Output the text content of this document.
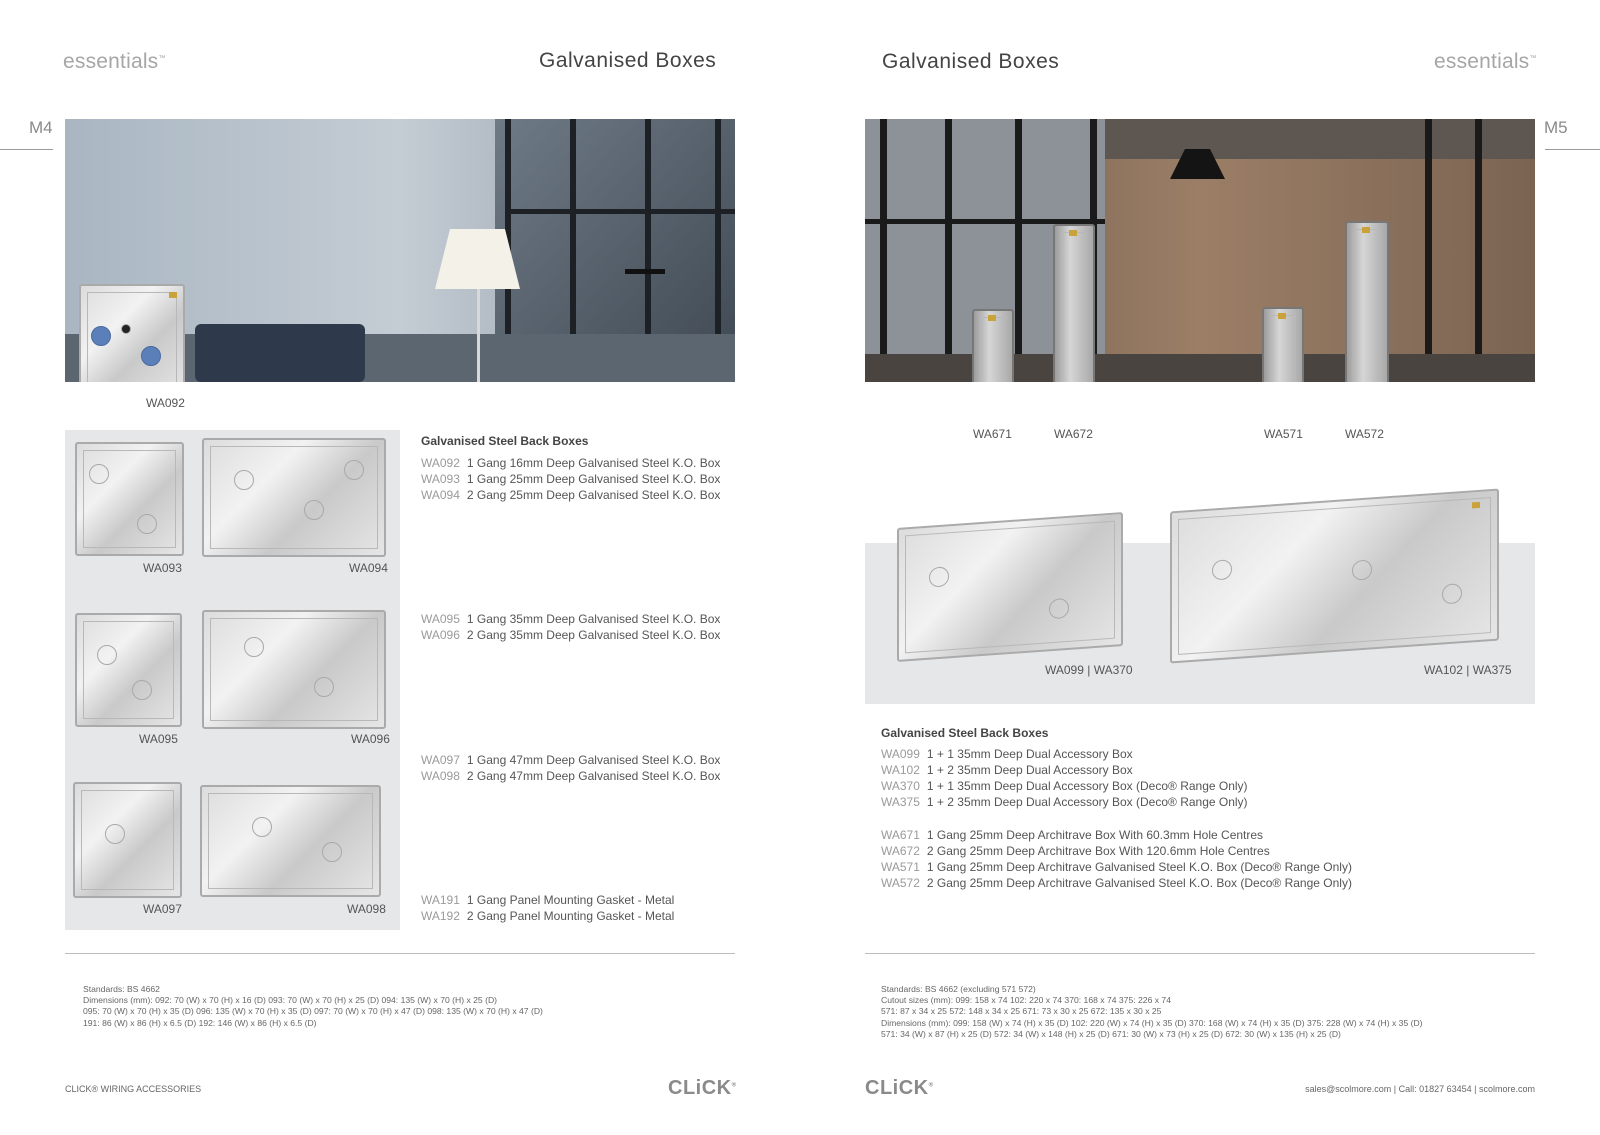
essentials™	Galvanised Boxes
M4
WA092
WA093	WA094
WA095	WA096
WA097	WA098
Galvanised Steel Back Boxes
WA092 1 Gang 16mm Deep Galvanised Steel K.O. Box
WA093 1 Gang 25mm Deep Galvanised Steel K.O. Box
WA094 2 Gang 25mm Deep Galvanised Steel K.O. Box
WA095 1 Gang 35mm Deep Galvanised Steel K.O. Box
WA096 2 Gang 35mm Deep Galvanised Steel K.O. Box
WA097 1 Gang 47mm Deep Galvanised Steel K.O. Box
WA098 2 Gang 47mm Deep Galvanised Steel K.O. Box
WA191 1 Gang Panel Mounting Gasket - Metal
WA192 2 Gang Panel Mounting Gasket - Metal
Standards: BS 4662
Dimensions (mm): 092: 70 (W) x 70 (H) x 16 (D) 093: 70 (W) x 70 (H) x 25 (D) 094: 135 (W) x 70 (H) x 25 (D)
095: 70 (W) x 70 (H) x 35 (D) 096: 135 (W) x 70 (H) x 35 (D) 097: 70 (W) x 70 (H) x 47 (D) 098: 135 (W) x 70 (H) x 47 (D)
191: 86 (W) x 86 (H) x 6.5 (D) 192: 146 (W) x 86 (H) x 6.5 (D)
CLICK® WIRING ACCESSORIES	CLiCK®
Galvanised Boxes	essentials™
M5
WA671	WA672	WA571	WA572
WA099 | WA370	WA102 | WA375
Galvanised Steel Back Boxes
WA099 1 + 1 35mm Deep Dual Accessory Box
WA102 1 + 2 35mm Deep Dual Accessory Box
WA370 1 + 1 35mm Deep Dual Accessory Box (Deco® Range Only)
WA375 1 + 2 35mm Deep Dual Accessory Box (Deco® Range Only)
WA671 1 Gang 25mm Deep Architrave Box With 60.3mm Hole Centres
WA672 2 Gang 25mm Deep Architrave Box With 120.6mm Hole Centres
WA571 1 Gang 25mm Deep Architrave Galvanised Steel K.O. Box (Deco® Range Only)
WA572 2 Gang 25mm Deep Architrave Galvanised Steel K.O. Box (Deco® Range Only)
Standards: BS 4662 (excluding 571 572)
Cutout sizes (mm): 099: 158 x 74 102: 220 x 74 370: 168 x 74 375: 226 x 74
571: 87 x 34 x 25 572: 148 x 34 x 25 671: 73 x 30 x 25 672: 135 x 30 x 25
Dimensions (mm): 099: 158 (W) x 74 (H) x 35 (D) 102: 220 (W) x 74 (H) x 35 (D) 370: 168 (W) x 74 (H) x 35 (D) 375: 228 (W) x 74 (H) x 35 (D)
571: 34 (W) x 87 (H) x 25 (D) 572: 34 (W) x 148 (H) x 25 (D) 671: 30 (W) x 73 (H) x 25 (D) 672: 30 (W) x 135 (H) x 25 (D)
CLiCK®	sales@scolmore.com | Call: 01827 63454 | scolmore.com
